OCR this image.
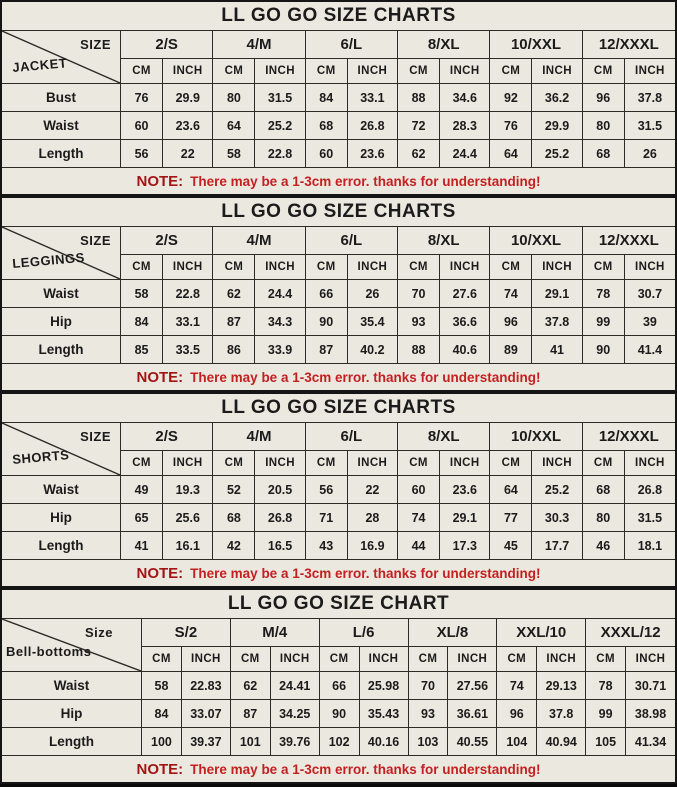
LL GO GO SIZE CHARTS
SIZE
JACKET
2/S	4/M	6/L	8/XL	10/XXL	12/XXXL
CM	INCH	CM	INCH	CM	INCH	CM	INCH	CM	INCH	CM	INCH
Bust	76	29.9	80	31.5	84	33.1	88	34.6	92	36.2	96	37.8
Waist	60	23.6	64	25.2	68	26.8	72	28.3	76	29.9	80	31.5
Length	56	22	58	22.8	60	23.6	62	24.4	64	25.2	68	26
NOTE: There may be a 1-3cm error. thanks for understanding!
LL GO GO SIZE CHARTS
SIZE
LEGGINGS
2/S	4/M	6/L	8/XL	10/XXL	12/XXXL
CM	INCH	CM	INCH	CM	INCH	CM	INCH	CM	INCH	CM	INCH
Waist	58	22.8	62	24.4	66	26	70	27.6	74	29.1	78	30.7
Hip	84	33.1	87	34.3	90	35.4	93	36.6	96	37.8	99	39
Length	85	33.5	86	33.9	87	40.2	88	40.6	89	41	90	41.4
NOTE: There may be a 1-3cm error. thanks for understanding!
LL GO GO SIZE CHARTS
SIZE
SHORTS
2/S	4/M	6/L	8/XL	10/XXL	12/XXXL
CM	INCH	CM	INCH	CM	INCH	CM	INCH	CM	INCH	CM	INCH
Waist	49	19.3	52	20.5	56	22	60	23.6	64	25.2	68	26.8
Hip	65	25.6	68	26.8	71	28	74	29.1	77	30.3	80	31.5
Length	41	16.1	42	16.5	43	16.9	44	17.3	45	17.7	46	18.1
NOTE: There may be a 1-3cm error. thanks for understanding!
LL GO GO SIZE CHART
Size
Bell-bottoms
S/2	M/4	L/6	XL/8	XXL/10	XXXL/12
CM	INCH	CM	INCH	CM	INCH	CM	INCH	CM	INCH	CM	INCH
Waist	58	22.83	62	24.41	66	25.98	70	27.56	74	29.13	78	30.71
Hip	84	33.07	87	34.25	90	35.43	93	36.61	96	37.8	99	38.98
Length	100	39.37	101	39.76	102	40.16	103	40.55	104	40.94	105	41.34
NOTE: There may be a 1-3cm error. thanks for understanding!
